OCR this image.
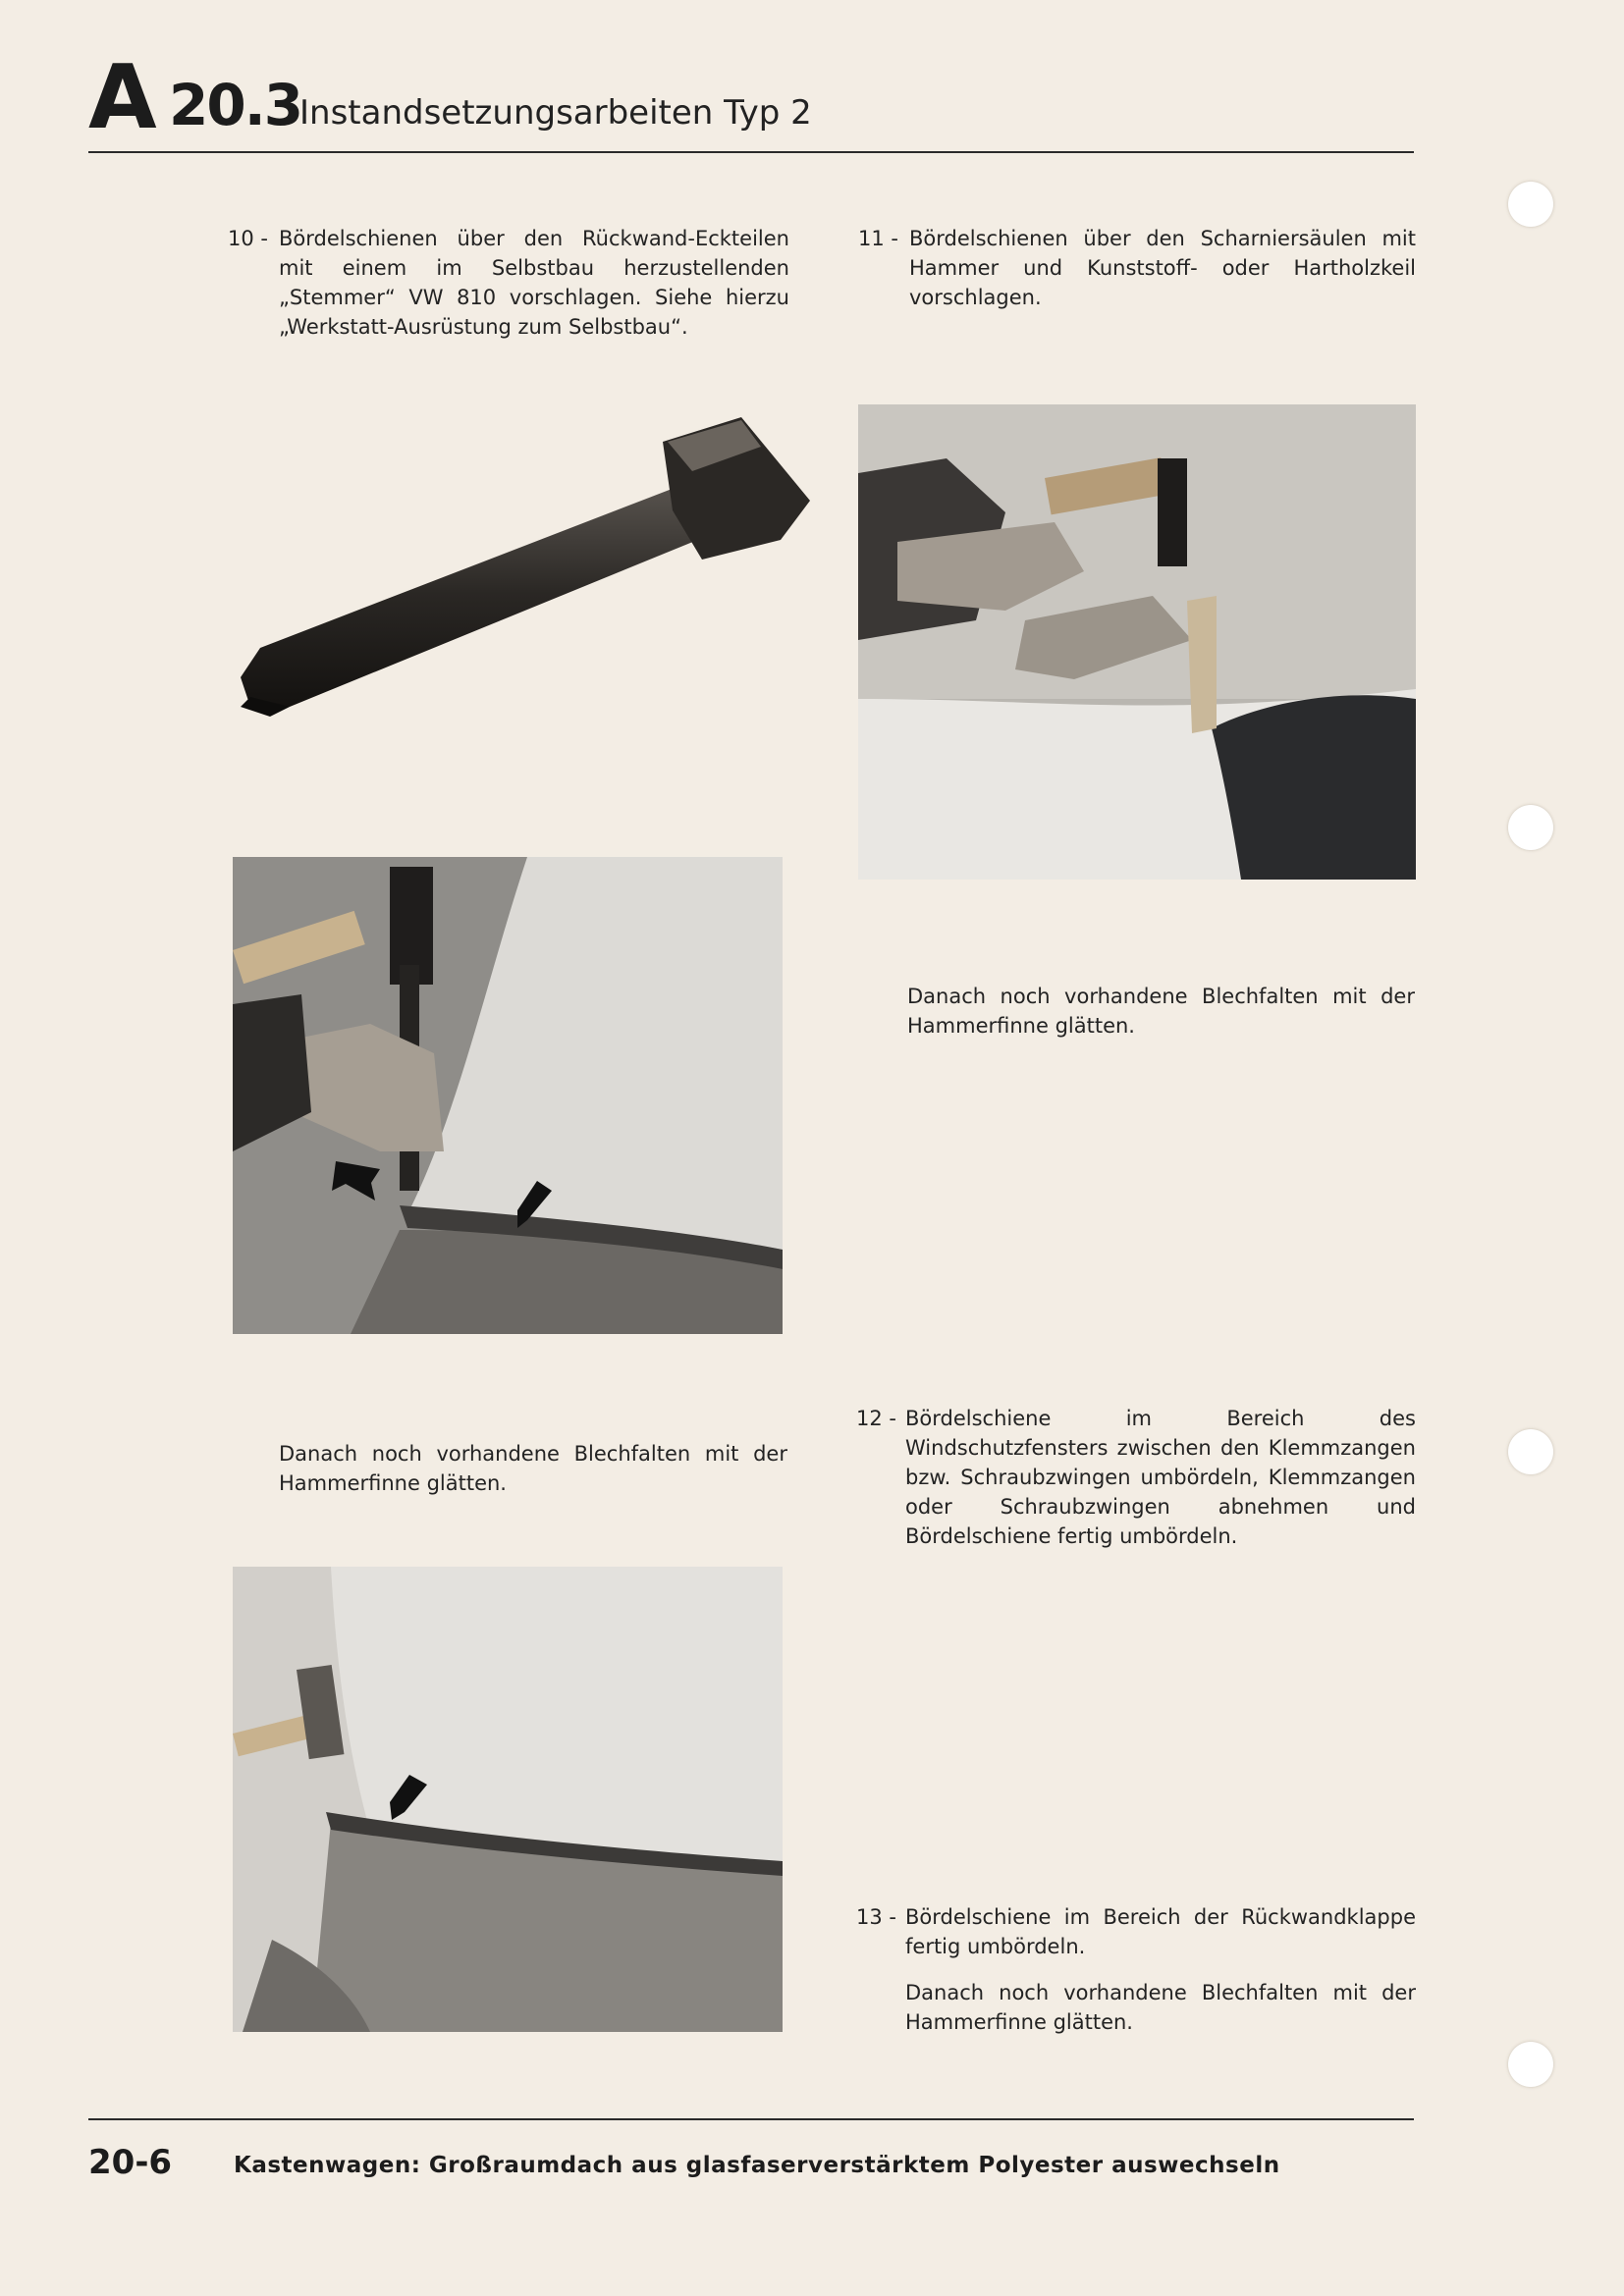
A 20.3
Instandsetzungsarbeiten Typ 2
10 - Bördelschienen über den Rückwand-Eckteilen mit einem im Selbstbau herzustellenden „Stemmer“ VW 810 vorschlagen. Siehe hierzu „Werkstatt-Ausrüstung zum Selbstbau“.
11 - Bördelschienen über den Scharniersäulen mit Hammer und Kunststoff- oder Hartholzkeil vorschlagen.
Danach noch vorhandene Blechfalten mit der Hammerfinne glätten.
Danach noch vorhandene Blechfalten mit der Hammerfinne glätten.
12 - Bördelschiene im Bereich des Windschutzfensters zwischen den Klemmzangen bzw. Schraubzwingen umbördeln, Klemmzangen oder Schraubzwingen abnehmen und Bördelschiene fertig umbördeln.
13 - Bördelschiene im Bereich der Rückwandklappe fertig umbördeln.
Danach noch vorhandene Blechfalten mit der Hammerfinne glätten.
20-6	Kastenwagen: Großraumdach aus glasfaserverstärktem Polyester auswechseln
